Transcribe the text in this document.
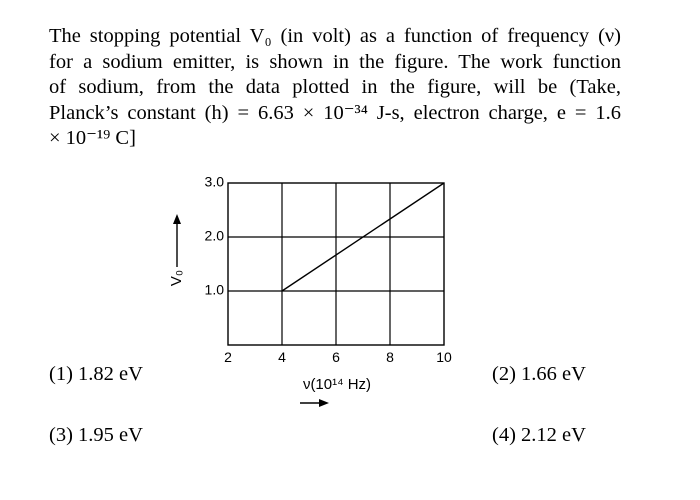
The stopping potential V₀ (in volt) as a function of frequency (ν)
for a sodium emitter, is shown in the figure. The work function
of sodium, from the data plotted in the figure, will be (Take,
Planck’s constant (h) = 6.63 × 10⁻³⁴ J-s, electron charge, e = 1.6
× 10⁻¹⁹ C]
3.0
2.0
1.0
2	4	6	8	10
V₀
ν(10¹⁴ Hz)
(1) 1.82 eV	(2) 1.66 eV
(3) 1.95 eV	(4) 2.12 eV
